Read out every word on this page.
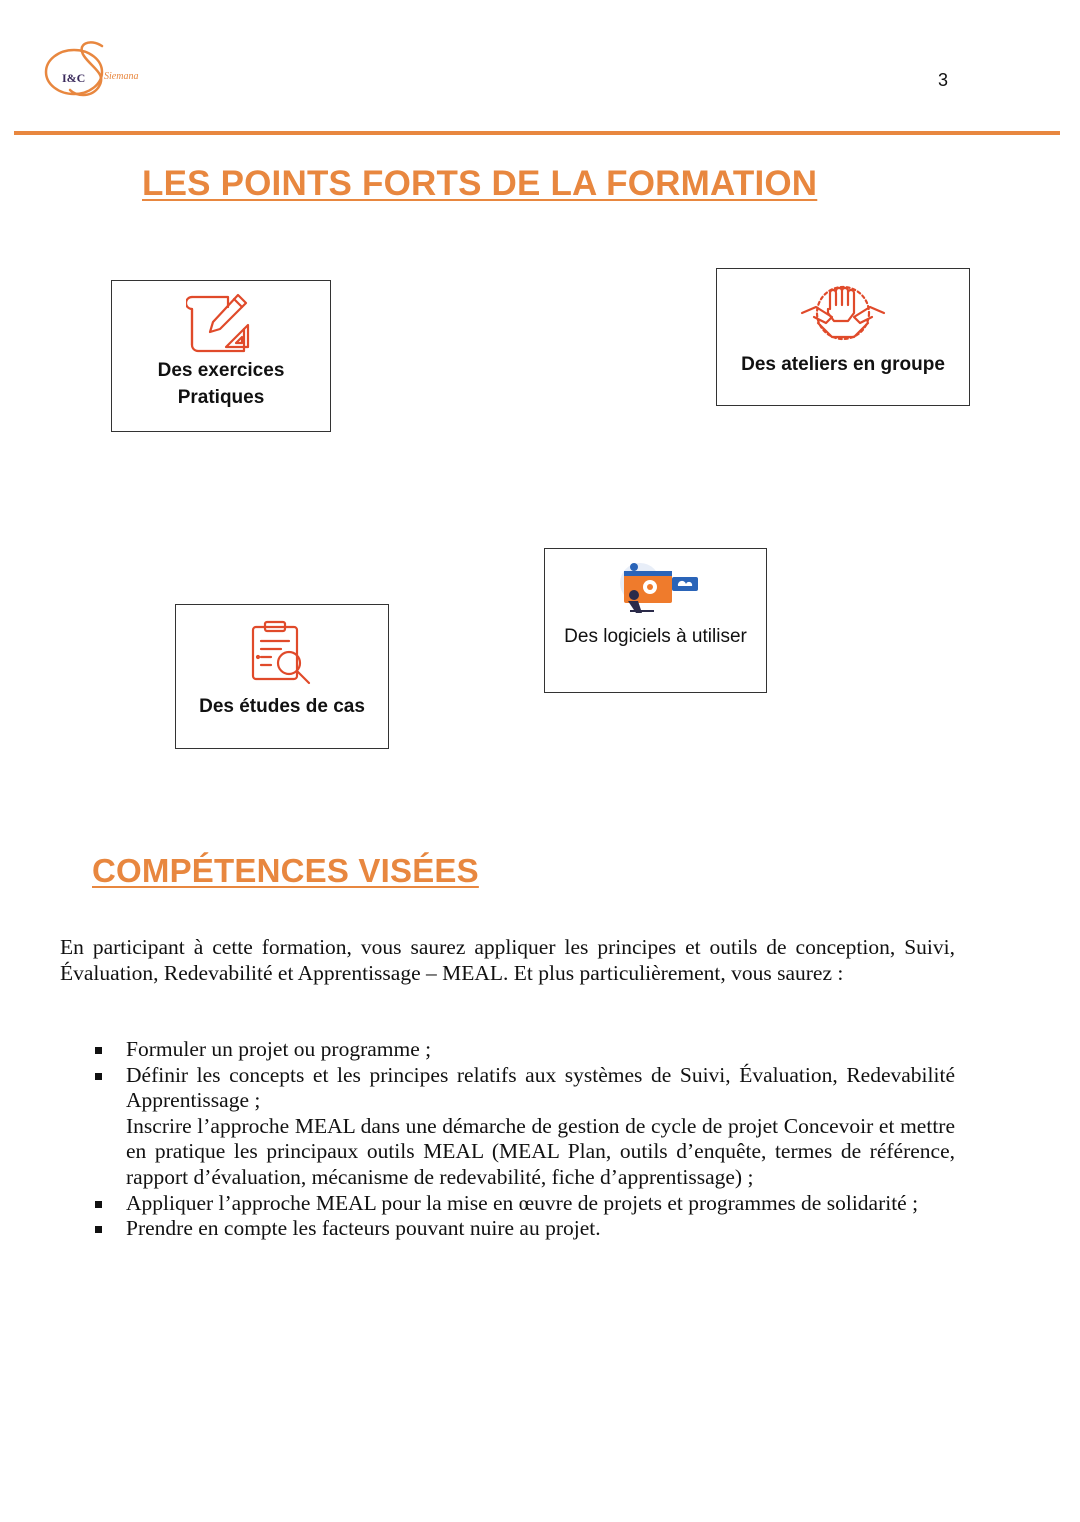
I&C Siemana	3
LES POINTS FORTS DE LA FORMATION
Des exercices
Pratiques
Des ateliers en groupe
Des études de cas
Des logiciels à utiliser
COMPÉTENCES VISÉES

En participant à cette formation, vous saurez appliquer les principes et outils de conception, Suivi, Évaluation, Redevabilité et Apprentissage – MEAL. Et plus particulièrement, vous saurez :

Formuler un projet ou programme ;
Définir les concepts et les principes relatifs aux systèmes de Suivi, Évaluation, Redevabilité Apprentissage ;
Inscrire l’approche MEAL dans une démarche de gestion de cycle de projet Concevoir et mettre en pratique les principaux outils MEAL (MEAL Plan, outils d’enquête, termes de référence, rapport d’évaluation, mécanisme de redevabilité, fiche d’apprentissage) ;
Appliquer l’approche MEAL pour la mise en œuvre de projets et programmes de solidarité ;
Prendre en compte les facteurs pouvant nuire au projet.
